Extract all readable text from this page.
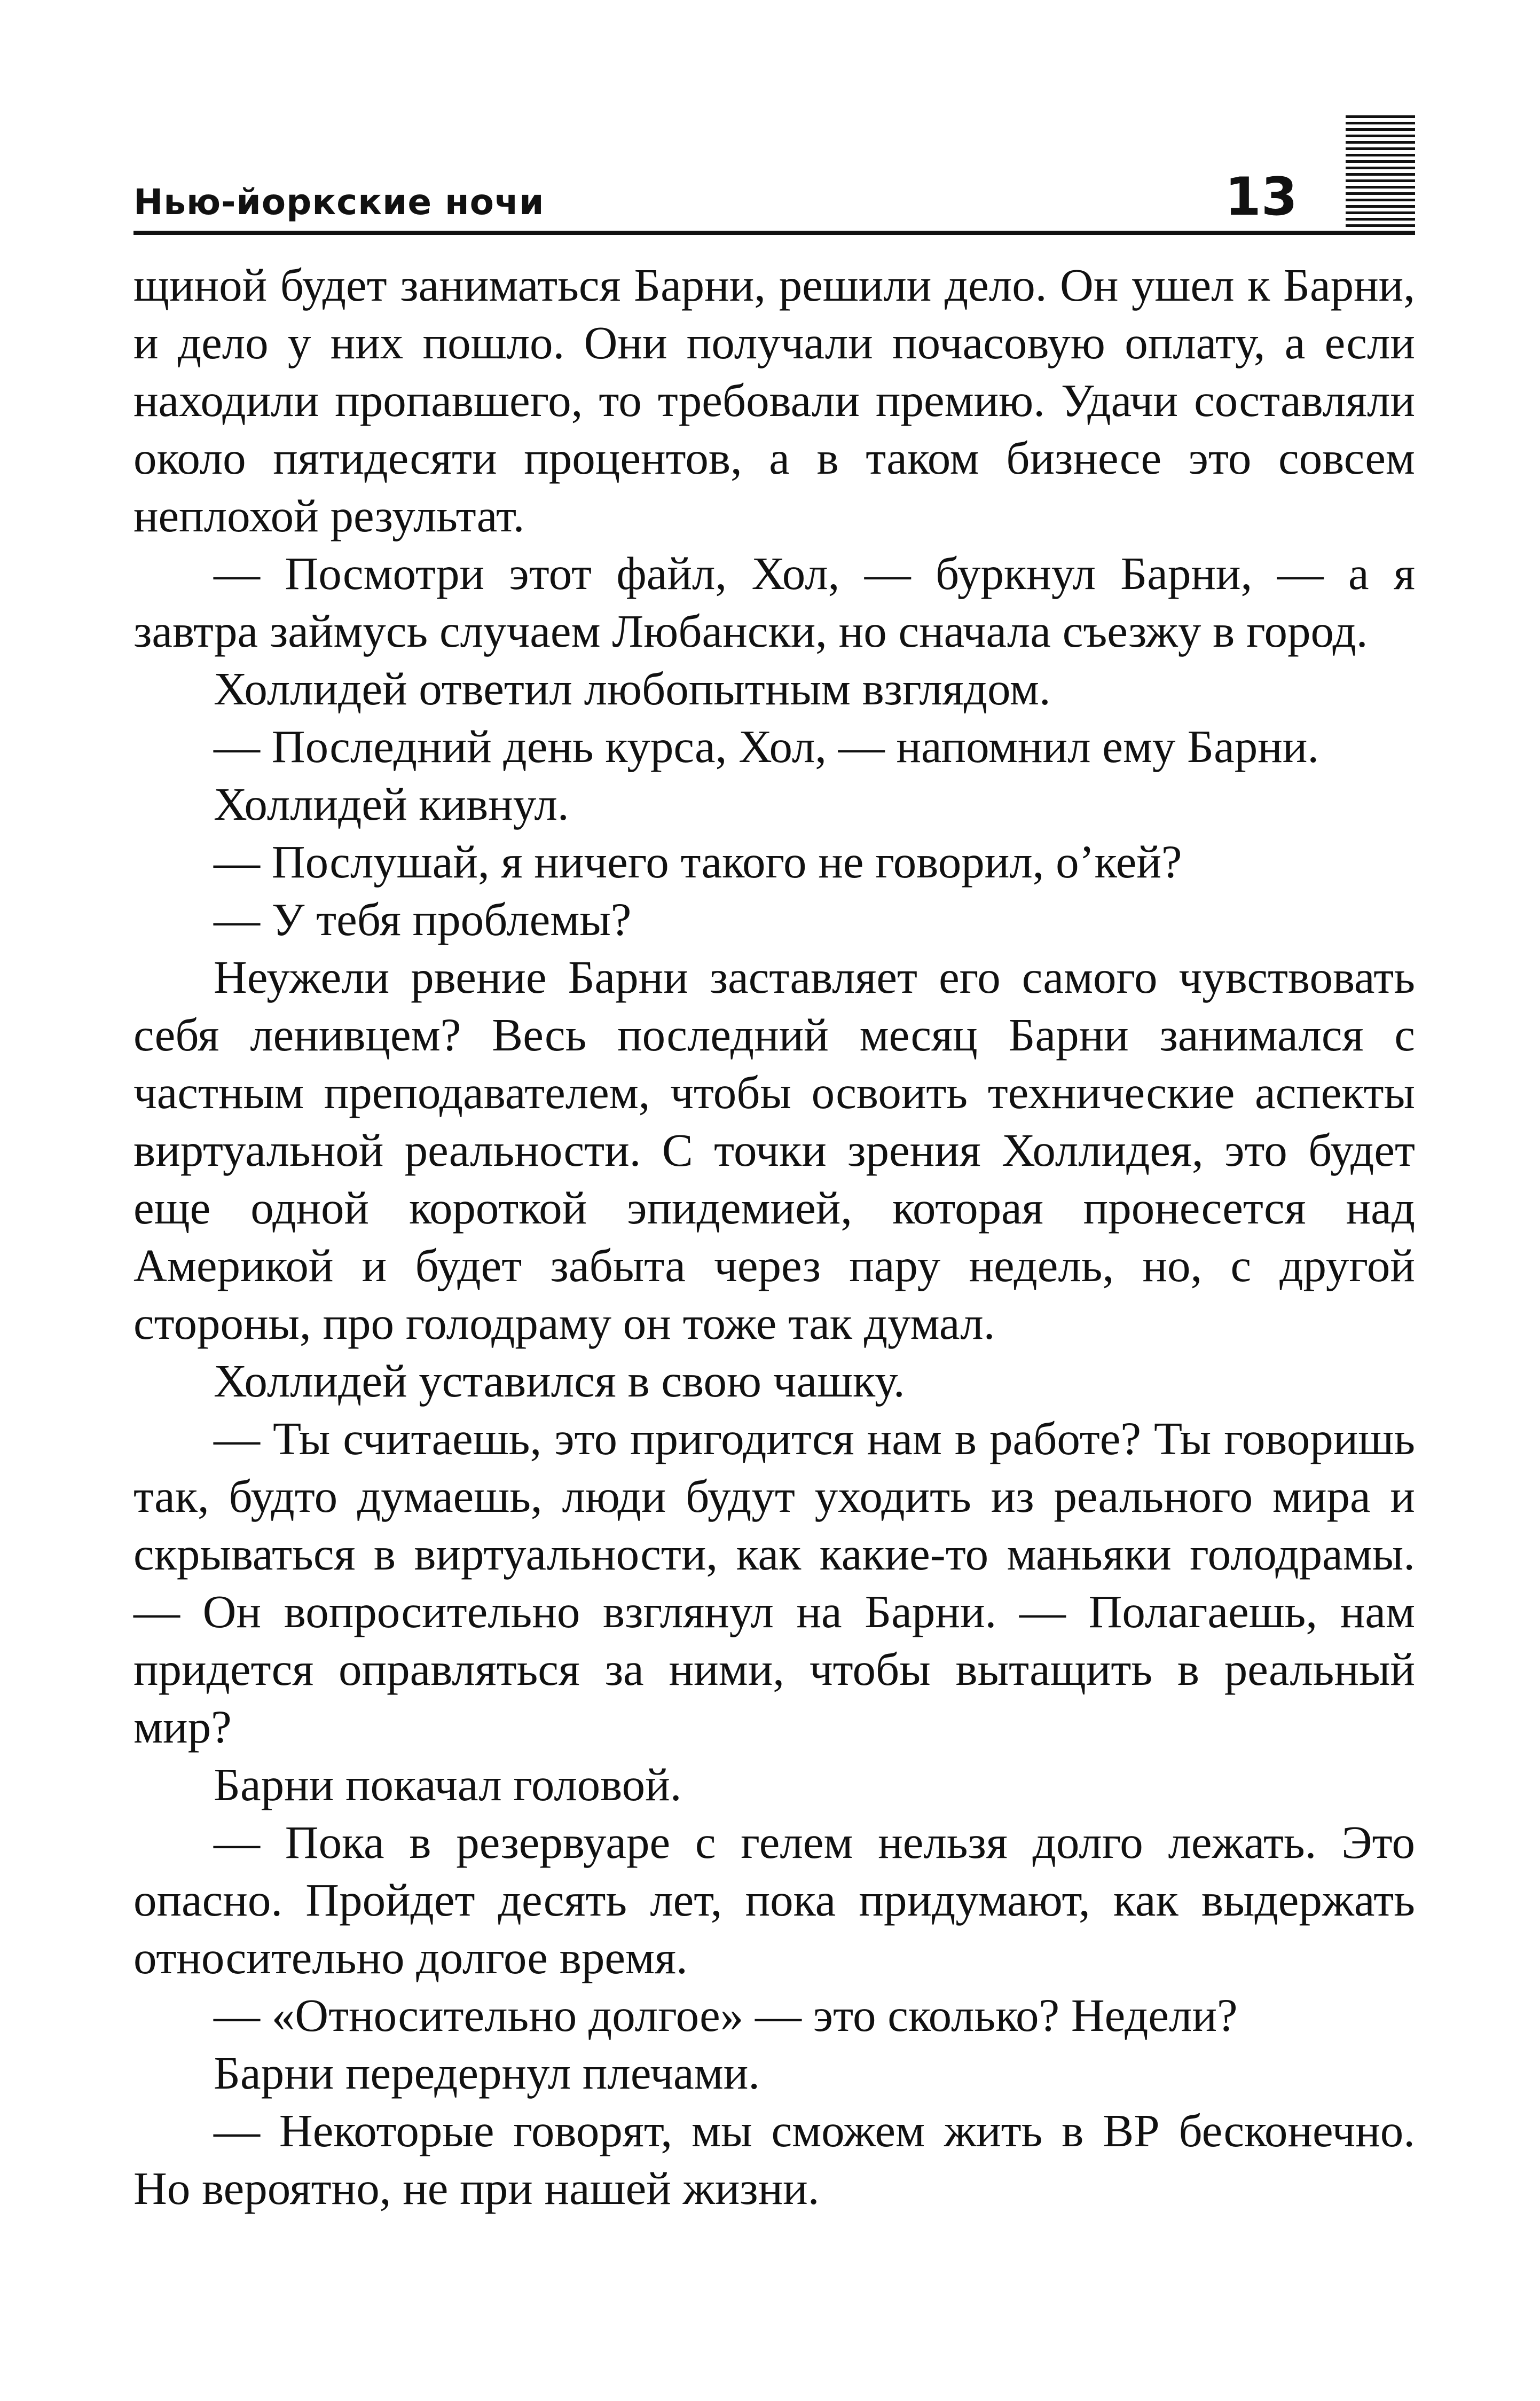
Нью-йоркские ночи	13

щиной будет заниматься Барни, решили дело. Он ушел к Барни, и дело у них пошло. Они получали почасовую оплату, а если находили пропавшего, то требовали премию. Удачи составляли около пятидесяти процентов, а в таком бизнесе это совсем неплохой результат.

— Посмотри этот файл, Хол, — буркнул Барни, — а я завтра займусь случаем Любански, но сначала съезжу в город.

Холлидей ответил любопытным взглядом.

— Последний день курса, Хол, — напомнил ему Барни.

Холлидей кивнул.

— Послушай, я ничего такого не говорил, о’кей?

— У тебя проблемы?

Неужели рвение Барни заставляет его самого чувствовать себя ленивцем? Весь последний месяц Барни занимался с частным преподавателем, чтобы освоить технические аспекты виртуальной реальности. С точки зрения Холлидея, это будет еще одной короткой эпидемией, которая пронесется над Америкой и будет забыта через пару недель, но, с другой стороны, про голодраму он тоже так думал.

Холлидей уставился в свою чашку.

— Ты считаешь, это пригодится нам в работе? Ты говоришь так, будто думаешь, люди будут уходить из реального мира и скрываться в виртуальности, как какие-то маньяки голодрамы. — Он вопросительно взглянул на Барни. — Полагаешь, нам придется оправляться за ними, чтобы вытащить в реальный мир?

Барни покачал головой.

— Пока в резервуаре с гелем нельзя долго лежать. Это опасно. Пройдет десять лет, пока придумают, как выдержать относительно долгое время.

— «Относительно долгое» — это сколько? Недели?

Барни передернул плечами.

— Некоторые говорят, мы сможем жить в ВР бесконечно. Но вероятно, не при нашей жизни.
